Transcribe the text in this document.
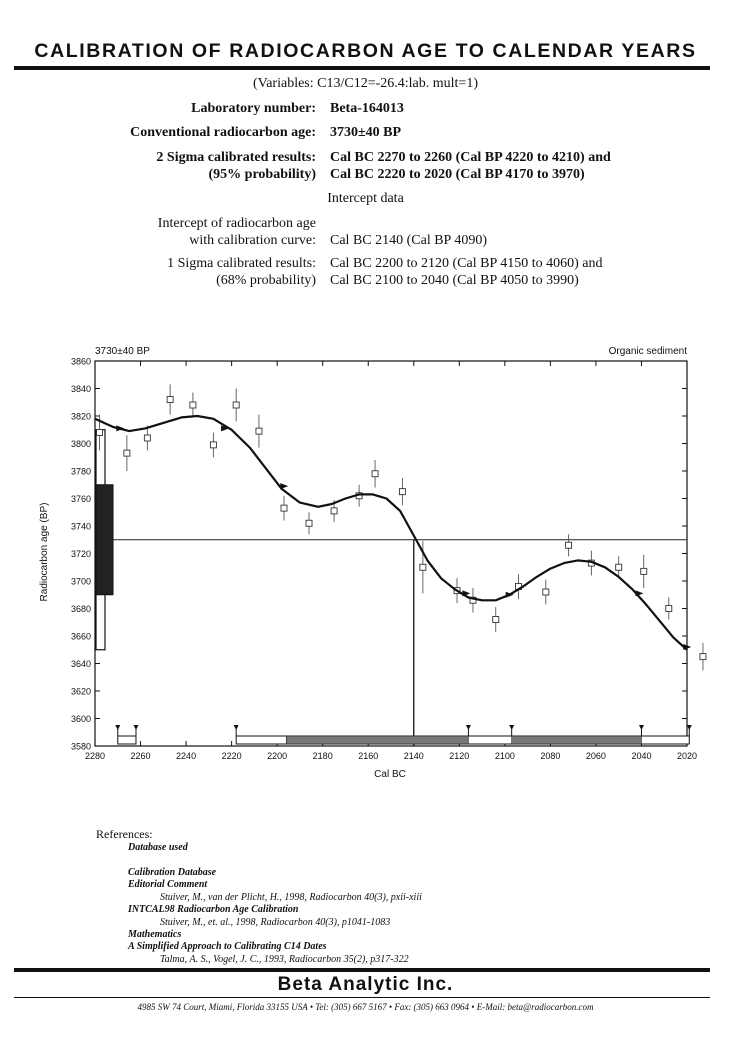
CALIBRATION OF RADIOCARBON AGE TO CALENDAR YEARS
(Variables: C13/C12=-26.4:lab. mult=1)
Laboratory number: Beta-164013
Conventional radiocarbon age: 3730±40 BP
2 Sigma calibrated results: Cal BC 2270 to 2260 (Cal BP 4220 to 4210) and
(95% probability) Cal BC 2220 to 2020 (Cal BP 4170 to 3970)
Intercept data
Intercept of radiocarbon age
with calibration curve: Cal BC 2140 (Cal BP 4090)
1 Sigma calibrated results: Cal BC 2200 to 2120 (Cal BP 4150 to 4060) and
(68% probability) Cal BC 2100 to 2040 (Cal BP 4050 to 3990)
3730±40 BP	Organic sediment
Cal BC
Radiocarbon age (BP)
3580
3600
3620
3640
3660
3680
3700
3720
3740
3760
3780
3800
3820
3840
3860
2280	2260	2240	2220	2200	2180	2160	2140	2120	2100	2080	2060	2040	2020
References:
Database used
Calibration Database
Editorial Comment
Stuiver, M., van der Plicht, H., 1998, Radiocarbon 40(3), pxii-xiii
INTCAL98 Radiocarbon Age Calibration
Stuiver, M., et. al., 1998, Radiocarbon 40(3), p1041-1083
Mathematics
A Simplified Approach to Calibrating C14 Dates
Talma, A. S., Vogel, J. C., 1993, Radiocarbon 35(2), p317-322
Beta Analytic Inc.
4985 SW 74 Court, Miami, Florida 33155 USA • Tel: (305) 667 5167 • Fax: (305) 663 0964 • E-Mail: beta@radiocarbon.com
